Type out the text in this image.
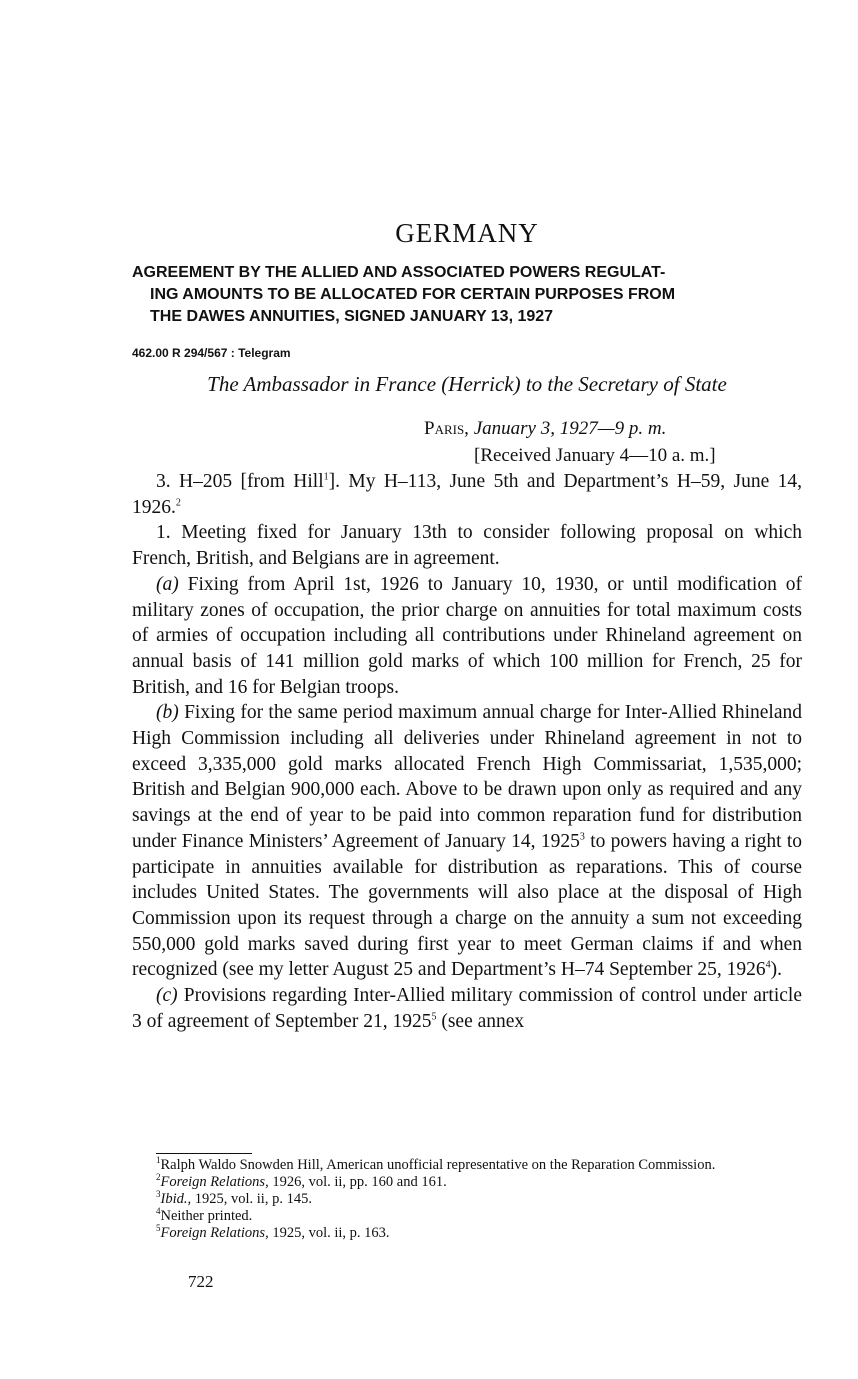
GERMANY
AGREEMENT BY THE ALLIED AND ASSOCIATED POWERS REGULAT-
ING AMOUNTS TO BE ALLOCATED FOR CERTAIN PURPOSES FROM
THE DAWES ANNUITIES, SIGNED JANUARY 13, 1927
462.00 R 294/567 : Telegram
The Ambassador in France (Herrick) to the Secretary of State
Paris, January 3, 1927—9 p. m.
[Received January 4—10 a. m.]

3. H–205 [from Hill$^1$]. My H–113, June 5th and Department’s H–59, June 14, 1926.$^2$

1. Meeting fixed for January 13th to consider following proposal on which French, British, and Belgians are in agreement.

(a) Fixing from April 1st, 1926 to January 10, 1930, or until modification of military zones of occupation, the prior charge on annuities for total maximum costs of armies of occupation including all contributions under Rhineland agreement on annual basis of 141 million gold marks of which 100 million for French, 25 for British, and 16 for Belgian troops.

(b) Fixing for the same period maximum annual charge for Inter-Allied Rhineland High Commission including all deliveries under Rhineland agreement in not to exceed 3,335,000 gold marks allocated French High Commissariat, 1,535,000; British and Belgian 900,000 each. Above to be drawn upon only as required and any savings at the end of year to be paid into common reparation fund for distribution under Finance Ministers’ Agreement of January 14, 1925$^3$ to powers having a right to participate in annuities available for distribution as reparations. This of course includes United States. The governments will also place at the disposal of High Commission upon its request through a charge on the annuity a sum not exceeding 550,000 gold marks saved during first year to meet German claims if and when recognized (see my letter August 25 and Department’s H–74 September 25, 1926$^4$).

(c) Provisions regarding Inter-Allied military commission of control under article 3 of agreement of September 21, 1925$^5$ (see annex

$^1$Ralph Waldo Snowden Hill, American unofficial representative on the Reparation Commission.

$^2$Foreign Relations, 1926, vol. ii, pp. 160 and 161.

$^3$Ibid., 1925, vol. ii, p. 145.

$^4$Neither printed.

$^5$Foreign Relations, 1925, vol. ii, p. 163.

722
